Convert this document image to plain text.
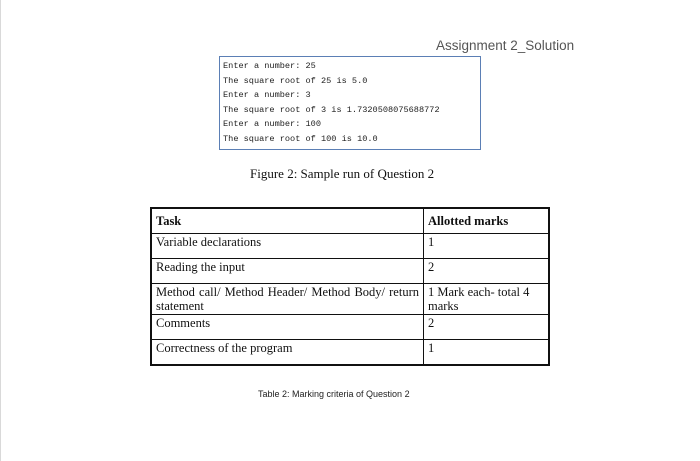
Assignment 2_Solution
Enter a number: 25
The square root of 25 is 5.0
Enter a number: 3
The square root of 3 is 1.7320508075688772
Enter a number: 100
The square root of 100 is 10.0
Figure 2: Sample run of Question 2
Task	Allotted marks
Variable declarations	1
Reading the input	2
Method call/ Method Header/ Method Body/ return statement	1 Mark each- total 4 marks
Comments	2
Correctness of the program	1
Table 2: Marking criteria of Question 2
